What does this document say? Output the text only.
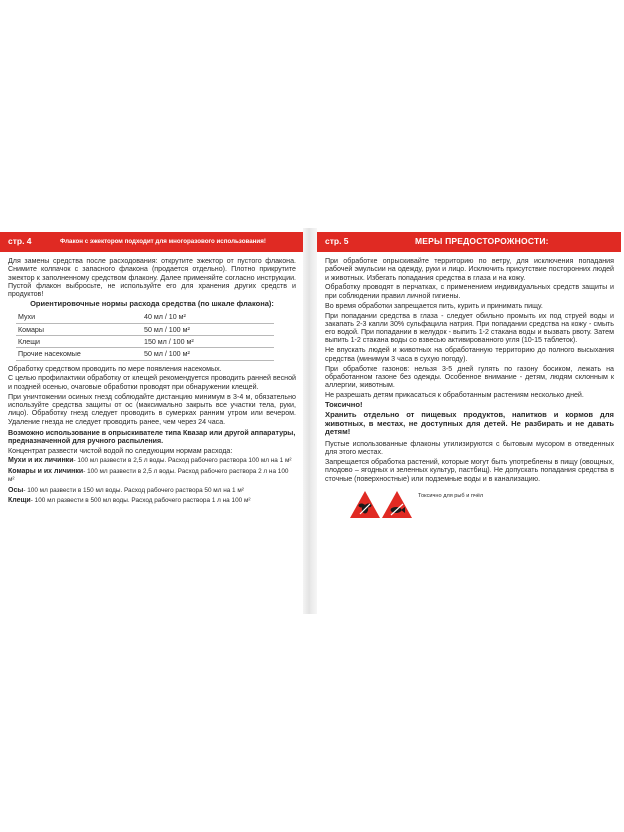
стр. 4	Флакон с эжектором подходит для многоразового использования!

Для замены средства после расходования: открутите эжектор от пустого флакона. Снимите колпачок с запасного флакона (продается отдельно). Плотно прикрутите эжектор к заполненному средством флакону. Далее применяйте согласно инструкции. Пустой флакон выбросьте, не используйте его для хранения других средств и продуктов!

Ориентировочные нормы расхода средства (по шкале флакона):
Мухи	40 мл / 10 м²
Комары	50 мл / 100 м²
Клещи	150 мл / 100 м²
Прочие насекомые	50 мл / 100 м²

Обработку средством проводить по мере появления насекомых.

С целью профилактики обработку от клещей рекомендуется проводить ранней весной и поздней осенью, очаговые обработки проводят при обнаружении клещей.

При уничтожении осиных гнезд соблюдайте дистанцию минимум в 3-4 м, обязательно используйте средства защиты от ос (максимально закрыть все участки тела, руки, лицо). Обработку гнезд следует проводить в сумерках ранним утром или вечером. Удаление гнезда не следует проводить ранее, чем через 24 часа.

Возможно использование в опрыскивателе типа Квазар или другой аппаратуры, предназначенной для ручного распыления.

Концентрат развести чистой водой по следующим нормам расхода:

Мухи и их личинки- 100 мл развести в 2,5 л воды. Расход рабочего раствора 100 мл на 1 м²

Комары и их личинки- 100 мл развести в 2,5 л воды. Расход рабочего раствора 2 л на 100 м²

Осы- 100 мл развести в 150 мл воды. Расход рабочего раствора 50 мл на 1 м²

Клещи- 100 мл развести в 500 мл воды. Расход рабочего раствора 1 л на 100 м²

стр. 5	МЕРЫ ПРЕДОСТОРОЖНОСТИ:

При обработке опрыскивайте территорию по ветру, для исключения попадания рабочей эмульсии на одежду, руки и лицо. Исключить присутствие посторонних людей и животных. Избегать попадания средства в глаза и на кожу.

Обработку проводят в перчатках, с применением индивидуальных средств защиты и при соблюдении правил личной гигиены.

Во время обработки запрещается пить, курить и принимать пищу.

При попадании средства в глаза - следует обильно промыть их под струей воды и закапать 2-3 капли 30% сульфацила натрия. При попадании средства на кожу - смыть его водой. При попадании в желудок - выпить 1-2 стакана воды и вызвать рвоту. Затем выпить 1-2 стакана воды со взвесью активированного угля (10-15 таблеток).

Не впускать людей и животных на обработанную территорию до полного высыхания средства (минимум 3 часа в сухую погоду).

При обработке газонов: нельзя 3-5 дней гулять по газону босиком, лежать на обработанном газоне без одежды. Особенное внимание - детям, людям склонным к аллергии, животным.

Не разрешать детям прикасаться к обработанным растениям несколько дней.

Токсично!

Хранить отдельно от пищевых продуктов, напитков и кормов для животных, в местах, не доступных для детей. Не разбирать и не давать детям!

Пустые использованные флаконы утилизируются с бытовым мусором в отведенных для этого местах.

Запрещается обработка растений, которые могут быть употреблены в пищу (овощных, плодово – ягодных и зеленных культур, пастбищ). Не допускать попадания средства в сточные (поверхностные) или подземные воды и в канализацию.

Токсично для рыб и пчёл
